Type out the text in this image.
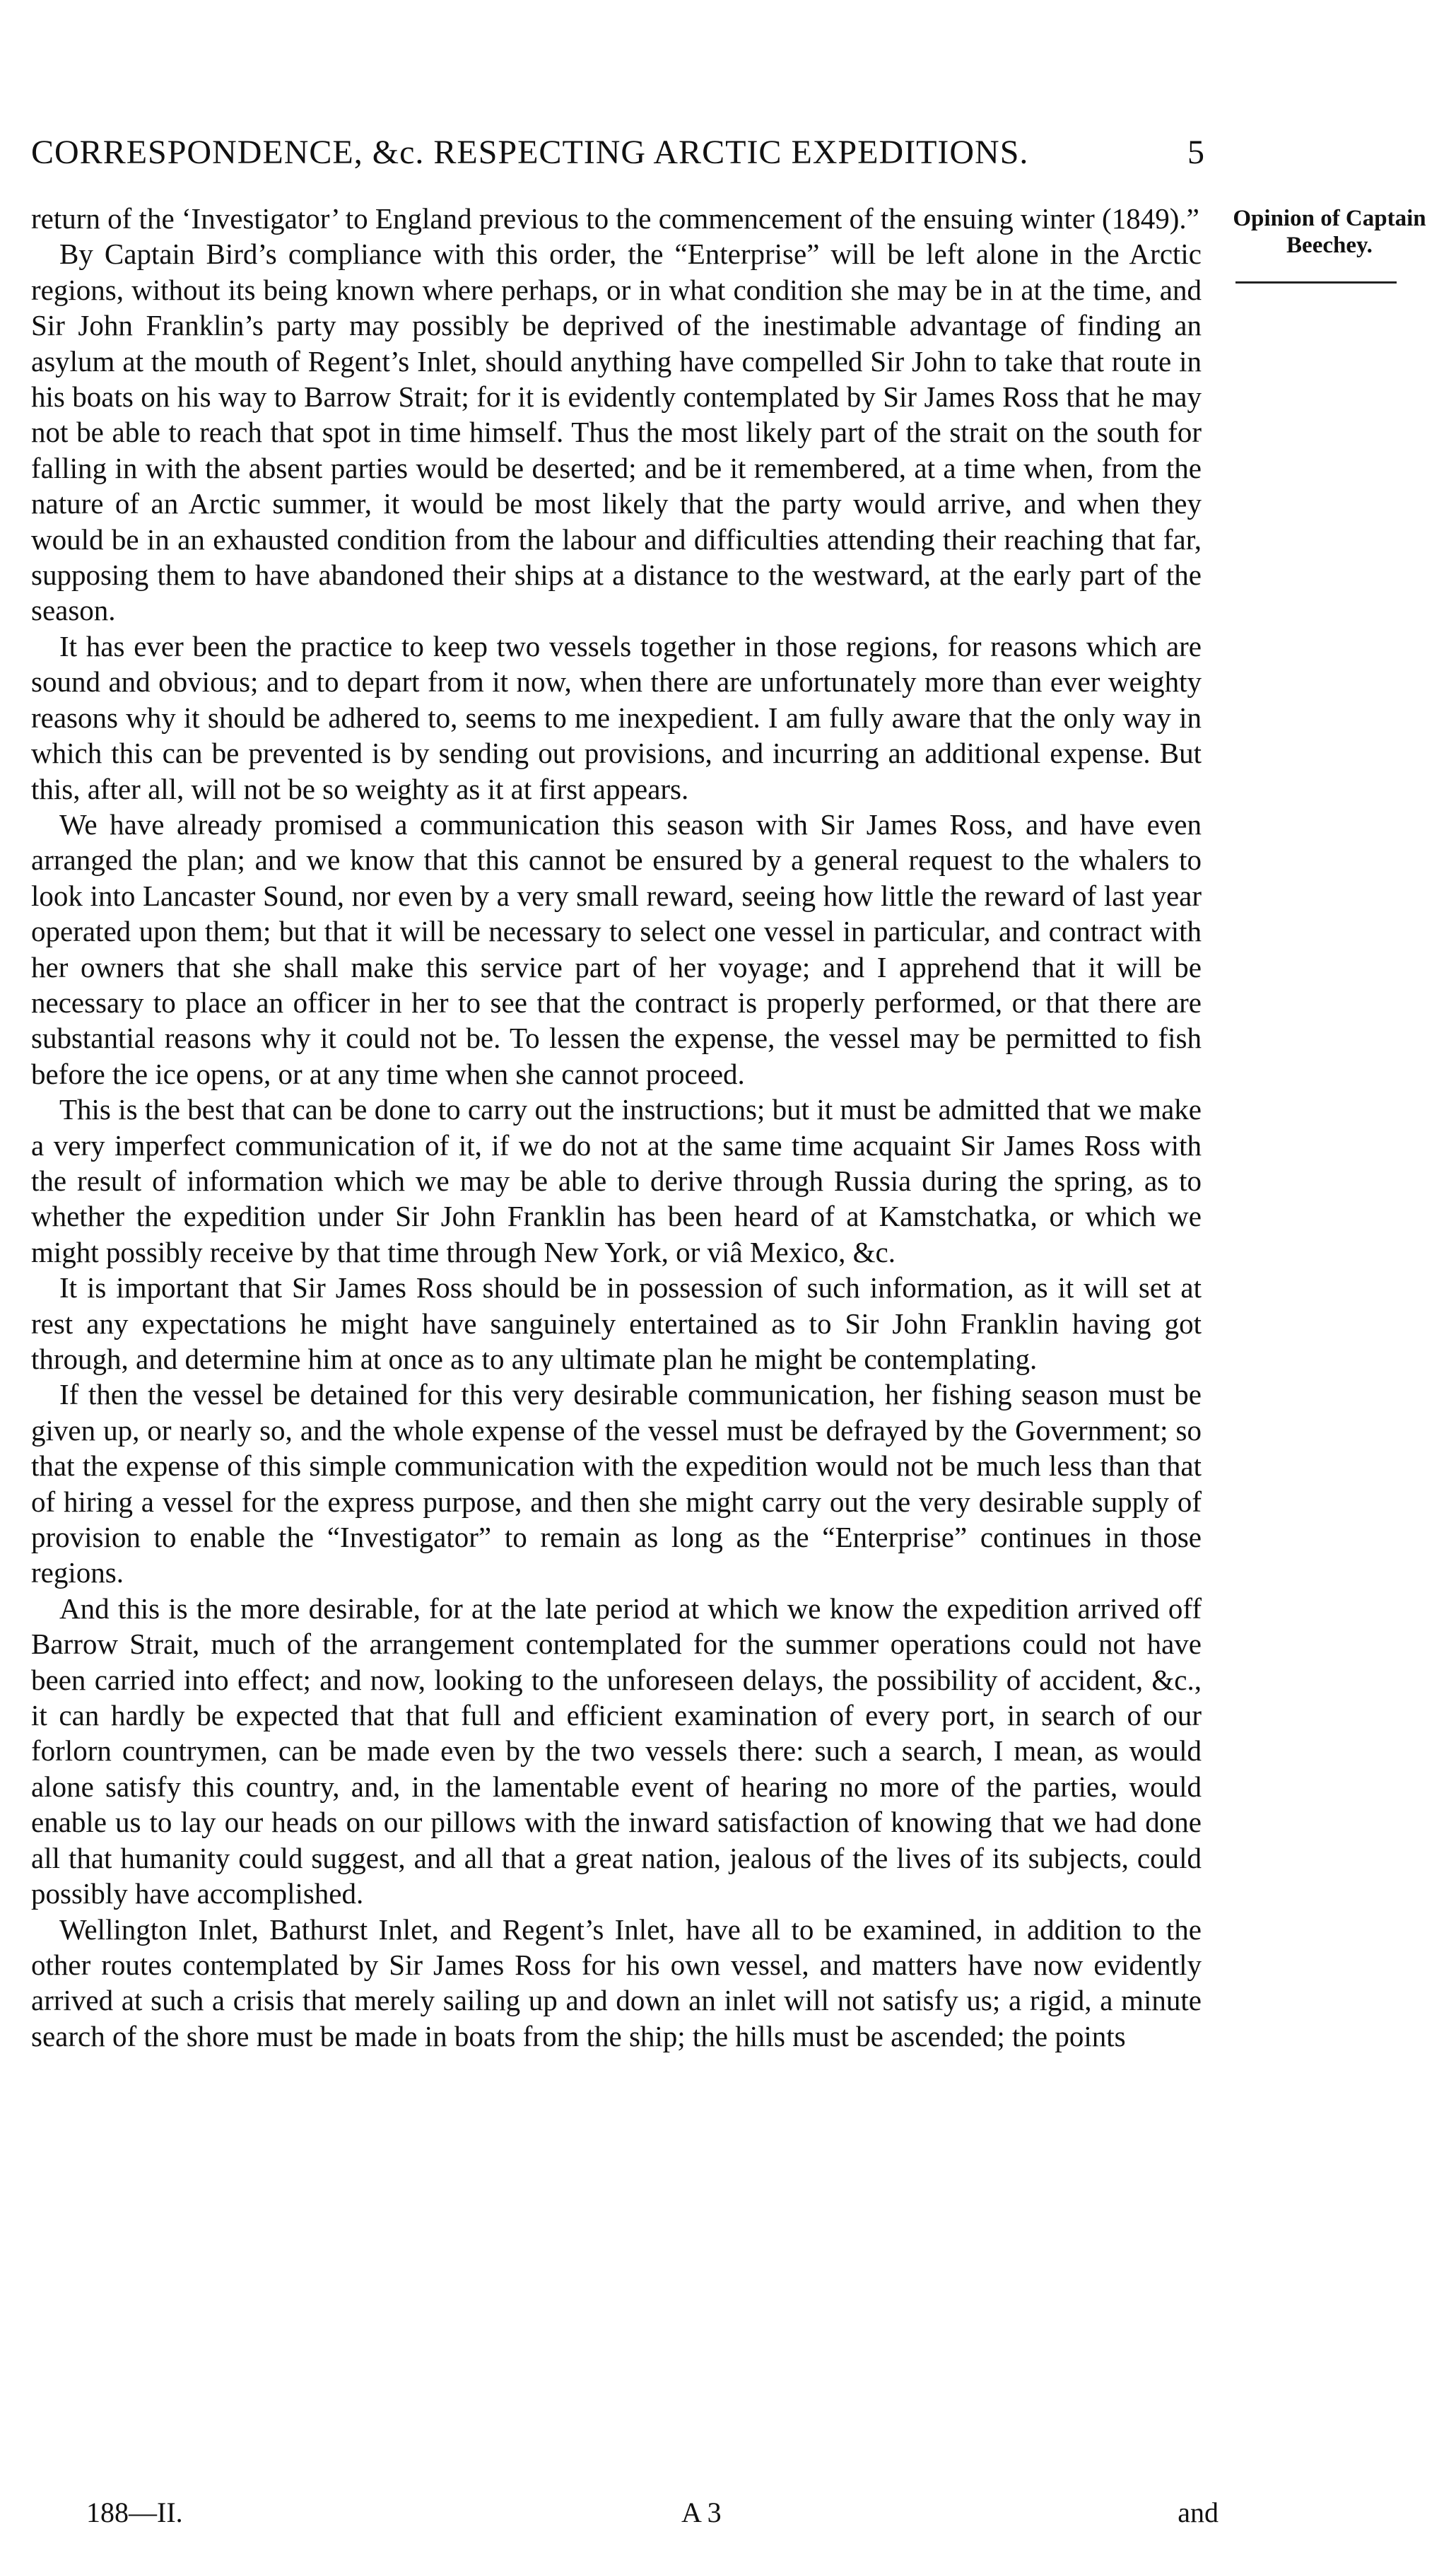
CORRESPONDENCE, &c. RESPECTING ARCTIC EXPEDITIONS.	5

return of the ‘Investigator’ to England previous to the commencement of the ensuing winter (1849).”

By Captain Bird’s compliance with this order, the “Enterprise” will be left alone in the Arctic regions, without its being known where perhaps, or in what condition she may be in at the time, and Sir John Franklin’s party may possibly be deprived of the inestimable advantage of finding an asylum at the mouth of Regent’s Inlet, should anything have compelled Sir John to take that route in his boats on his way to Barrow Strait; for it is evidently contemplated by Sir James Ross that he may not be able to reach that spot in time himself. Thus the most likely part of the strait on the south for falling in with the absent parties would be deserted; and be it remembered, at a time when, from the nature of an Arctic summer, it would be most likely that the party would arrive, and when they would be in an exhausted condition from the labour and difficulties attending their reaching that far, supposing them to have abandoned their ships at a distance to the westward, at the early part of the season.

It has ever been the practice to keep two vessels together in those regions, for reasons which are sound and obvious; and to depart from it now, when there are unfortunately more than ever weighty reasons why it should be adhered to, seems to me inexpedient. I am fully aware that the only way in which this can be prevented is by sending out provisions, and incurring an additional expense. But this, after all, will not be so weighty as it at first appears.

We have already promised a communication this season with Sir James Ross, and have even arranged the plan; and we know that this cannot be ensured by a general request to the whalers to look into Lancaster Sound, nor even by a very small reward, seeing how little the reward of last year operated upon them; but that it will be necessary to select one vessel in particular, and contract with her owners that she shall make this service part of her voyage; and I apprehend that it will be necessary to place an officer in her to see that the contract is properly performed, or that there are substantial reasons why it could not be. To lessen the expense, the vessel may be permitted to fish before the ice opens, or at any time when she cannot proceed.

This is the best that can be done to carry out the instructions; but it must be admitted that we make a very imperfect communication of it, if we do not at the same time acquaint Sir James Ross with the result of information which we may be able to derive through Russia during the spring, as to whether the expedition under Sir John Franklin has been heard of at Kamstchatka, or which we might possibly receive by that time through New York, or viâ Mexico, &c.

It is important that Sir James Ross should be in possession of such information, as it will set at rest any expectations he might have sanguinely entertained as to Sir John Franklin having got through, and determine him at once as to any ultimate plan he might be contemplating.

If then the vessel be detained for this very desirable communication, her fishing season must be given up, or nearly so, and the whole expense of the vessel must be defrayed by the Government; so that the expense of this simple communication with the expedition would not be much less than that of hiring a vessel for the express purpose, and then she might carry out the very desirable supply of provision to enable the “Investigator” to remain as long as the “Enterprise” continues in those regions.

And this is the more desirable, for at the late period at which we know the expedition arrived off Barrow Strait, much of the arrangement contemplated for the summer operations could not have been carried into effect; and now, looking to the unforeseen delays, the possibility of accident, &c., it can hardly be expected that that full and efficient examination of every port, in search of our forlorn countrymen, can be made even by the two vessels there: such a search, I mean, as would alone satisfy this country, and, in the lamentable event of hearing no more of the parties, would enable us to lay our heads on our pillows with the inward satisfaction of knowing that we had done all that humanity could suggest, and all that a great nation, jealous of the lives of its subjects, could possibly have accomplished.

Wellington Inlet, Bathurst Inlet, and Regent’s Inlet, have all to be examined, in addition to the other routes contemplated by Sir James Ross for his own vessel, and matters have now evidently arrived at such a crisis that merely sailing up and down an inlet will not satisfy us; a rigid, a minute search of the shore must be made in boats from the ship; the hills must be ascended; the points

Opinion of Captain Beechey.
188—II.	A 3	and
